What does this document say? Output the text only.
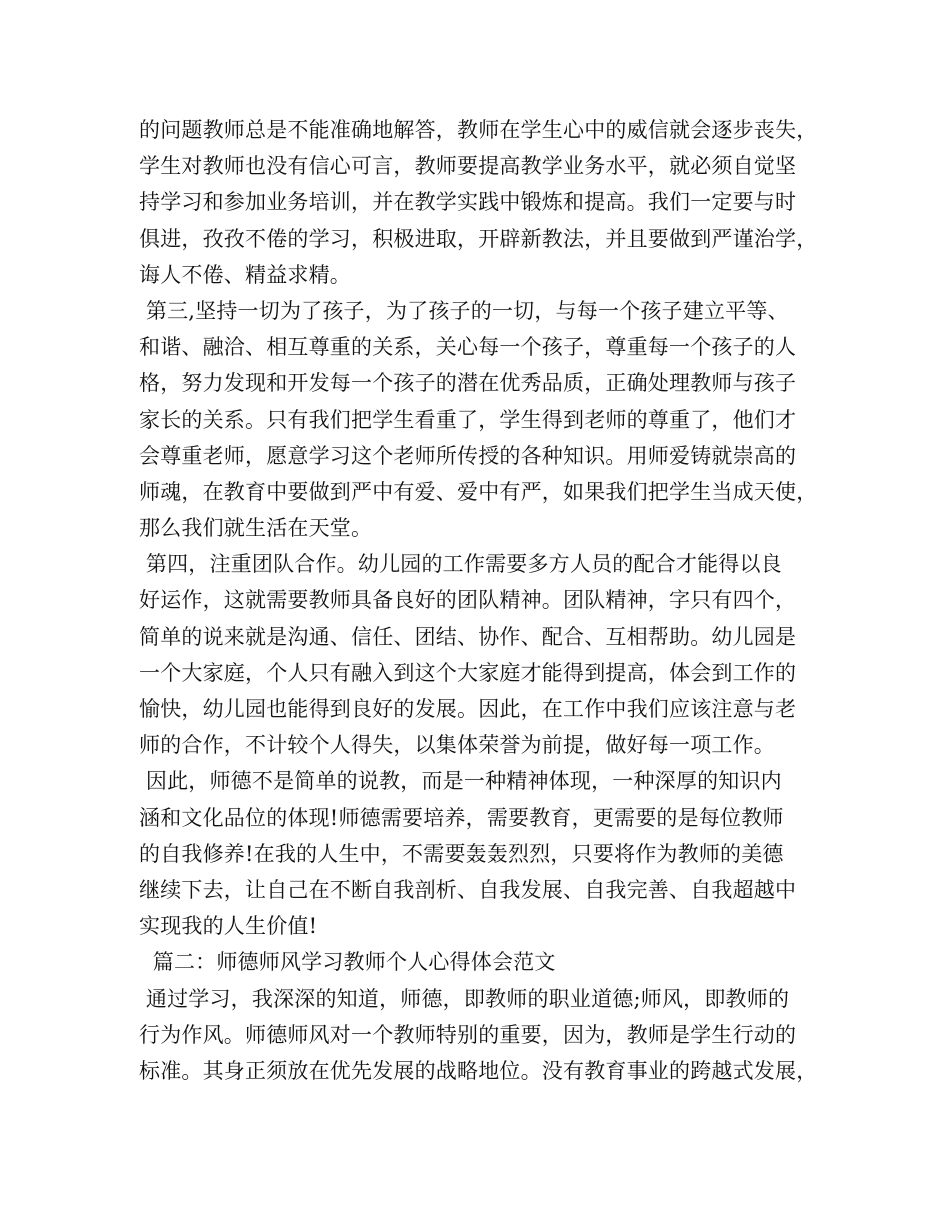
的问题教师总是不能准确地解答，教师在学生心中的威信就会逐步丧失，
学生对教师也没有信心可言，教师要提高教学业务水平，就必须自觉坚
持学习和参加业务培训，并在教学实践中锻炼和提高。我们一定要与时
俱进，孜孜不倦的学习，积极进取，开辟新教法，并且要做到严谨治学，
诲人不倦、精益求精。
第三,坚持一切为了孩子，为了孩子的一切，与每一个孩子建立平等、
和谐、融洽、相互尊重的关系，关心每一个孩子，尊重每一个孩子的人
格，努力发现和开发每一个孩子的潜在优秀品质，正确处理教师与孩子
家长的关系。只有我们把学生看重了，学生得到老师的尊重了，他们才
会尊重老师，愿意学习这个老师所传授的各种知识。用师爱铸就崇高的
师魂，在教育中要做到严中有爱、爱中有严，如果我们把学生当成天使，
那么我们就生活在天堂。
第四，注重团队合作。幼儿园的工作需要多方人员的配合才能得以良
好运作，这就需要教师具备良好的团队精神。团队精神，字只有四个，
简单的说来就是沟通、信任、团结、协作、配合、互相帮助。幼儿园是
一个大家庭，个人只有融入到这个大家庭才能得到提高，体会到工作的
愉快，幼儿园也能得到良好的发展。因此，在工作中我们应该注意与老
师的合作，不计较个人得失，以集体荣誉为前提，做好每一项工作。
因此，师德不是简单的说教，而是一种精神体现，一种深厚的知识内
涵和文化品位的体现!师德需要培养，需要教育，更需要的是每位教师
的自我修养!在我的人生中，不需要轰轰烈烈，只要将作为教师的美德
继续下去，让自己在不断自我剖析、自我发展、自我完善、自我超越中
实现我的人生价值!
篇二：师德师风学习教师个人心得体会范文
通过学习，我深深的知道，师德，即教师的职业道德;师风，即教师的
行为作风。师德师风对一个教师特别的重要，因为，教师是学生行动的
标准。其身正须放在优先发展的战略地位。没有教育事业的跨越式发展，
